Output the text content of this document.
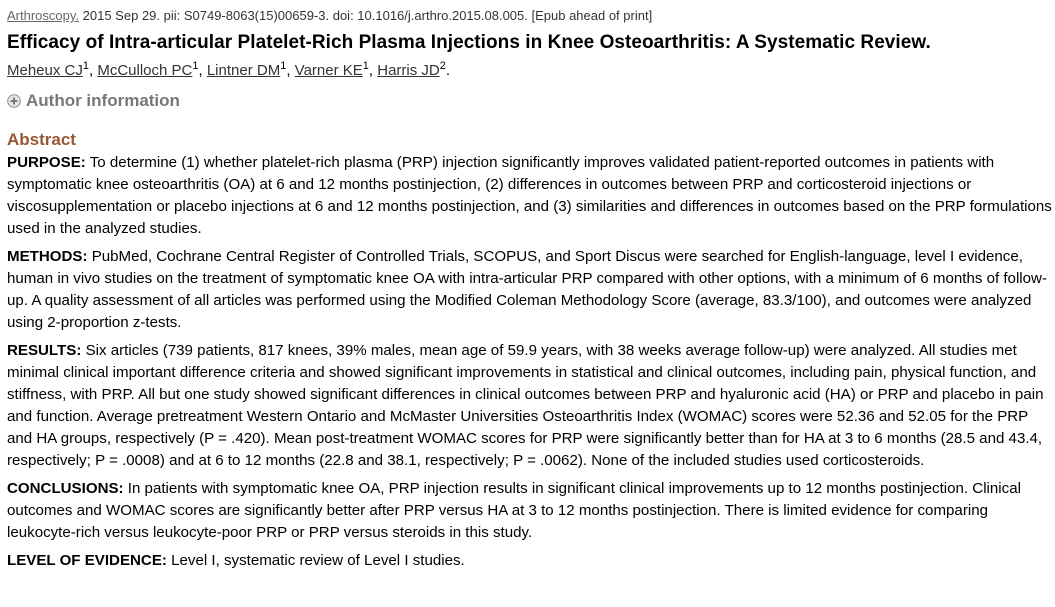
Arthroscopy. 2015 Sep 29. pii: S0749-8063(15)00659-3. doi: 10.1016/j.arthro.2015.08.005. [Epub ahead of print]
Efficacy of Intra-articular Platelet-Rich Plasma Injections in Knee Osteoarthritis: A Systematic Review.
Meheux $CJ^1$, McCulloch $PC^1$, Lintner $DM^1$, Varner $KE^1$, Harris $JD^2$.
Author information
Abstract

PURPOSE: To determine (1) whether platelet-rich plasma (PRP) injection significantly improves validated patient-reported outcomes in patients with symptomatic knee osteoarthritis (OA) at 6 and 12 months postinjection, (2) differences in outcomes between PRP and corticosteroid injections or viscosupplementation or placebo injections at 6 and 12 months postinjection, and (3) similarities and differences in outcomes based on the PRP formulations used in the analyzed studies.

METHODS: PubMed, Cochrane Central Register of Controlled Trials, SCOPUS, and Sport Discus were searched for English-language, level I evidence, human in vivo studies on the treatment of symptomatic knee OA with intra-articular PRP compared with other options, with a minimum of 6 months of follow-up. A quality assessment of all articles was performed using the Modified Coleman Methodology Score (average, 83.3/100), and outcomes were analyzed using 2-proportion z-tests.

RESULTS: Six articles (739 patients, 817 knees, 39% males, mean age of 59.9 years, with 38 weeks average follow-up) were analyzed. All studies met minimal clinical important difference criteria and showed significant improvements in statistical and clinical outcomes, including pain, physical function, and stiffness, with PRP. All but one study showed significant differences in clinical outcomes between PRP and hyaluronic acid (HA) or PRP and placebo in pain and function. Average pretreatment Western Ontario and McMaster Universities Osteoarthritis Index (WOMAC) scores were 52.36 and 52.05 for the PRP and HA groups, respectively (P = .420). Mean post-treatment WOMAC scores for PRP were significantly better than for HA at 3 to 6 months (28.5 and 43.4, respectively; P = .0008) and at 6 to 12 months (22.8 and 38.1, respectively; P = .0062). None of the included studies used corticosteroids.

CONCLUSIONS: In patients with symptomatic knee OA, PRP injection results in significant clinical improvements up to 12 months postinjection. Clinical outcomes and WOMAC scores are significantly better after PRP versus HA at 3 to 12 months postinjection. There is limited evidence for comparing leukocyte-rich versus leukocyte-poor PRP or PRP versus steroids in this study.

LEVEL OF EVIDENCE: Level I, systematic review of Level I studies.
